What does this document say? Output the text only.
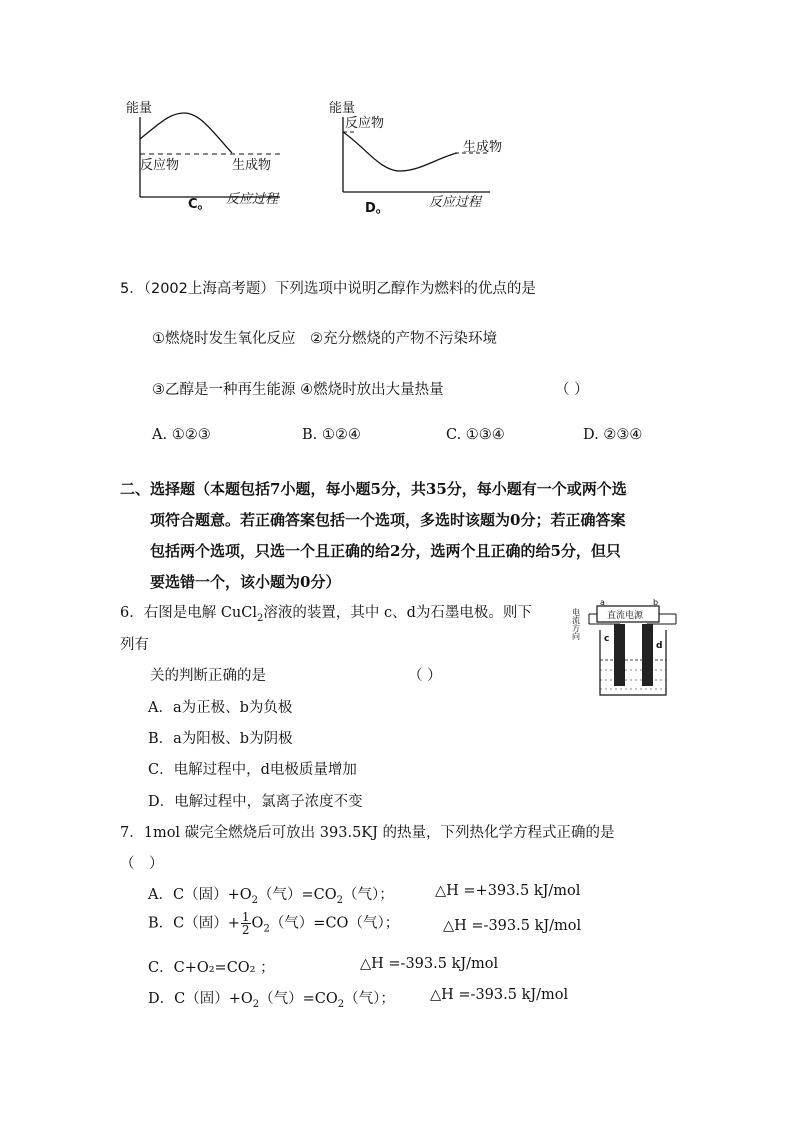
能量
反应物	生成物
C。 反应过程
能量
反应物
生成物
D。	反应过程
5．（2002上海高考题）下列选项中说明乙醇作为燃料的优点的是
①燃烧时发生氧化反应　②充分燃烧的产物不污染环境
③乙醇是一种再生能源 ④燃烧时放出大量热量	（ ）
A. ①②③	B. ①②④	C. ①③④	D. ②③④
二、选择题（本题包括7小题，每小题5分，共35分，每小题有一个或两个选
项符合题意。若正确答案包括一个选项，多选时该题为0分；若正确答案
包括两个选项，只选一个且正确的给2分，选两个且正确的给5分，但只
要选错一个，该小题为0分）
6．右图是电解 CuCl$_2$溶液的装置，其中 c、d为石墨电极。则下
列有
关的判断正确的是	（ ）
A．a为正极、b为负极
B．a为阳极、b为阴极
C．电解过程中，d电极质量增加
D．电解过程中，氯离子浓度不变
直流电源
a	b
电流方向	c
d
7．1mol 碳完全燃烧后可放出 393.5KJ 的热量，下列热化学方程式正确的是
（　）
A．C（固）$+O_2$（气）$=CO_2$（气）；	△H =+393.5 kJ/mol
B．C（固）+ $\frac{1}{2} O_2$（气）=CO（气）；	△H =-393.5 kJ/mol
C．C+O₂=CO₂ ；	△H =-393.5 kJ/mol
D．C（固）$+O_2$（气）$=CO_2$（气）； △H =-393.5 kJ/mol
